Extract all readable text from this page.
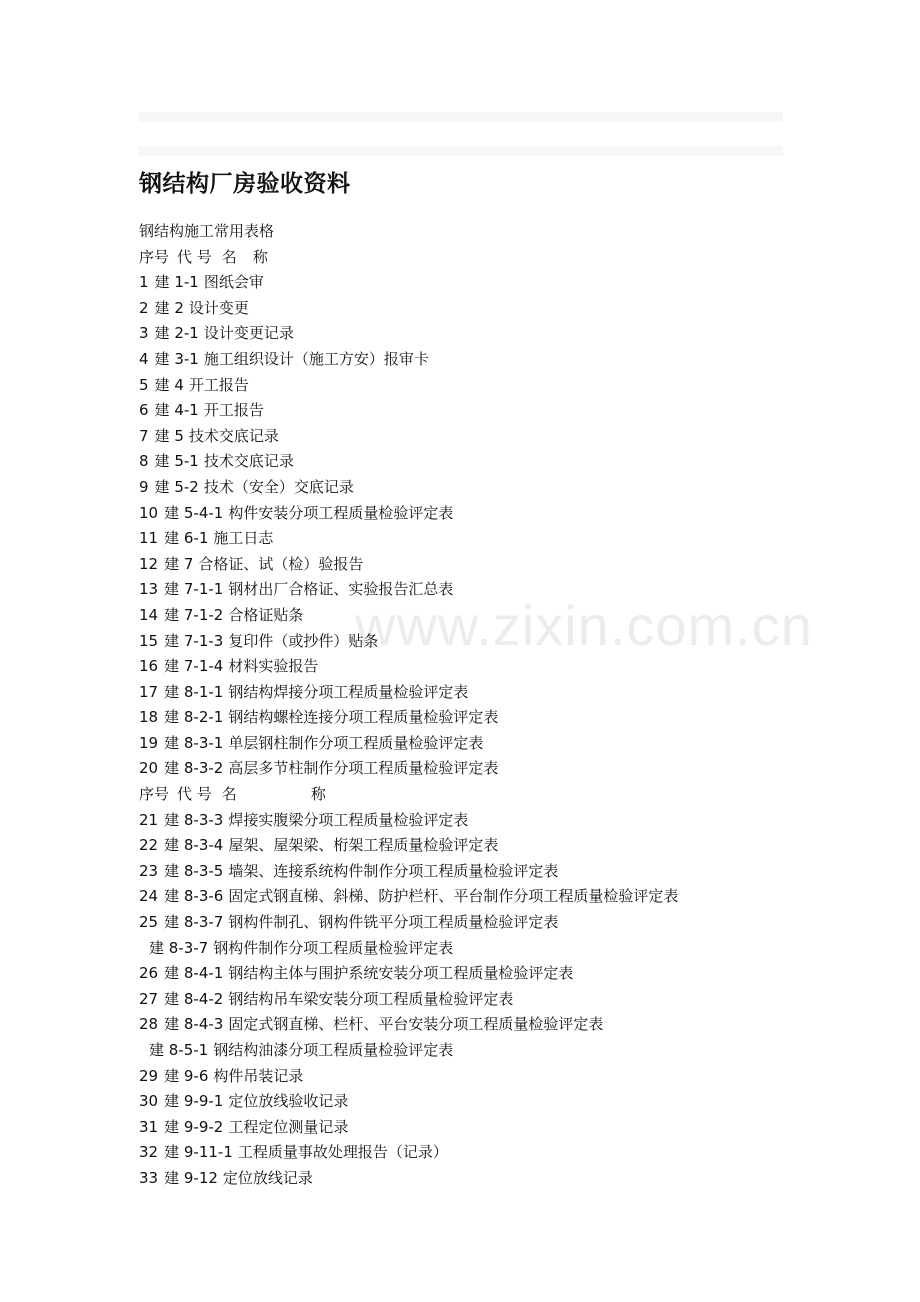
www.zixin.com.cn
钢结构厂房验收资料
钢结构施工常用表格
序号 代 号 名 称
1 建 1-1 图纸会审
2 建 2 设计变更
3 建 2-1 设计变更记录
4 建 3-1 施工组织设计（施工方安）报审卡
5 建 4 开工报告
6 建 4-1 开工报告
7 建 5 技术交底记录
8 建 5-1 技术交底记录
9 建 5-2 技术（安全）交底记录
10 建 5-4-1 构件安装分项工程质量检验评定表
11 建 6-1 施工日志
12 建 7 合格证、试（检）验报告
13 建 7-1-1 钢材出厂合格证、实验报告汇总表
14 建 7-1-2 合格证贴条
15 建 7-1-3 复印件（或抄件）贴条
16 建 7-1-4 材料实验报告
17 建 8-1-1 钢结构焊接分项工程质量检验评定表
18 建 8-2-1 钢结构螺栓连接分项工程质量检验评定表
19 建 8-3-1 单层钢柱制作分项工程质量检验评定表
20 建 8-3-2 高层多节柱制作分项工程质量检验评定表
序号 代 号 名	称
21 建 8-3-3 焊接实腹梁分项工程质量检验评定表
22 建 8-3-4 屋架、屋架梁、桁架工程质量检验评定表
23 建 8-3-5 墙架、连接系统构件制作分项工程质量检验评定表
24 建 8-3-6 固定式钢直梯、斜梯、防护栏杆、平台制作分项工程质量检验评定表
25 建 8-3-7 钢构件制孔、钢构件铣平分项工程质量检验评定表
建 8-3-7 钢构件制作分项工程质量检验评定表
26 建 8-4-1 钢结构主体与围护系统安装分项工程质量检验评定表
27 建 8-4-2 钢结构吊车梁安装分项工程质量检验评定表
28 建 8-4-3 固定式钢直梯、栏杆、平台安装分项工程质量检验评定表
建 8-5-1 钢结构油漆分项工程质量检验评定表
29 建 9-6 构件吊装记录
30 建 9-9-1 定位放线验收记录
31 建 9-9-2 工程定位测量记录
32 建 9-11-1 工程质量事故处理报告（记录）
33 建 9-12 定位放线记录
